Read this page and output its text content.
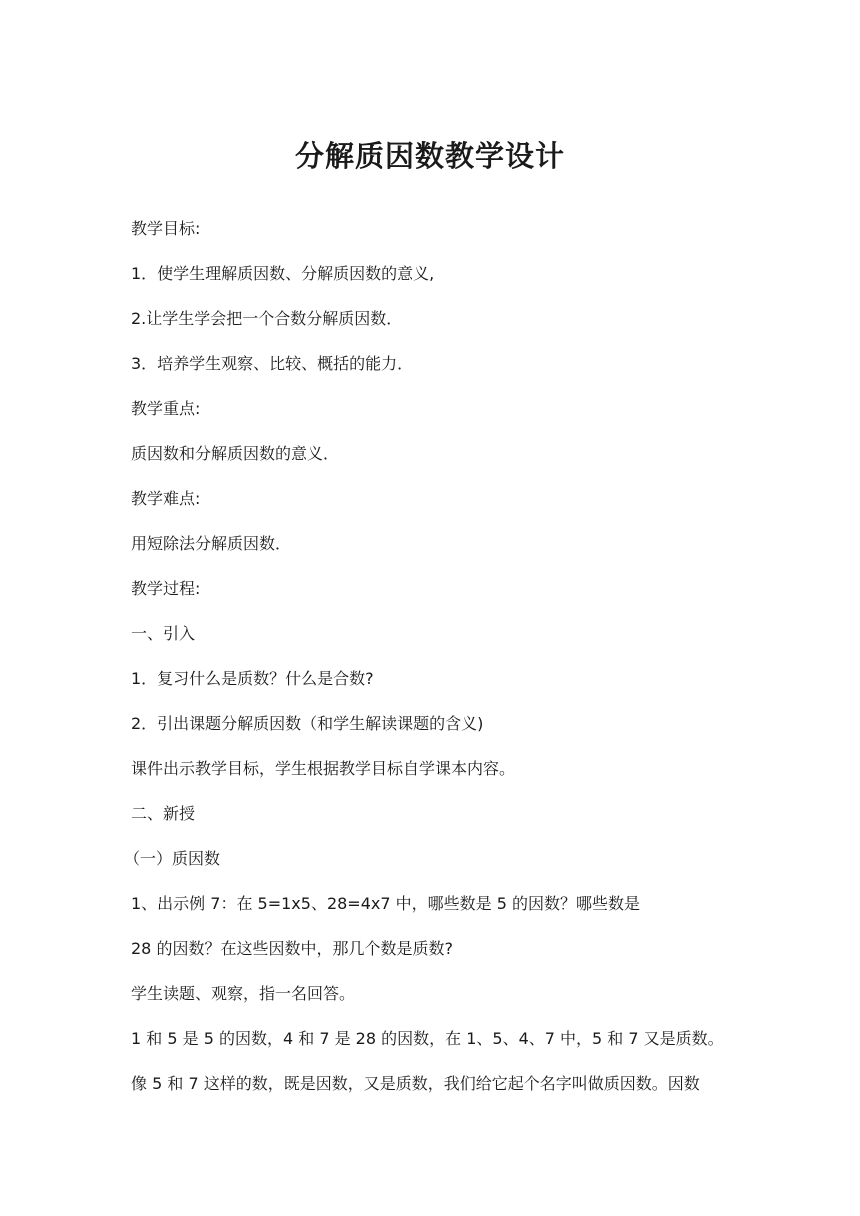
分解质因数教学设计
教学目标:
1．使学生理解质因数、分解质因数的意义,
2.让学生学会把一个合数分解质因数．
3．培养学生观察、比较、概括的能力．
教学重点:
质因数和分解质因数的意义．
教学难点:
用短除法分解质因数．
教学过程:
一、引入
1．复习什么是质数？什么是合数?
2．引出课题分解质因数（和学生解读课题的含义)
课件出示教学目标，学生根据教学目标自学课本内容。
二、新授
（一）质因数
1、出示例 7：在 5=1x5、28=4x7 中，哪些数是 5 的因数？哪些数是
28 的因数？在这些因数中，那几个数是质数?
学生读题、观察，指一名回答。
1 和 5 是 5 的因数，4 和 7 是 28 的因数，在 1、5、4、7 中，5 和 7 又是质数。
像 5 和 7 这样的数，既是因数，又是质数，我们给它起个名字叫做质因数。因数
